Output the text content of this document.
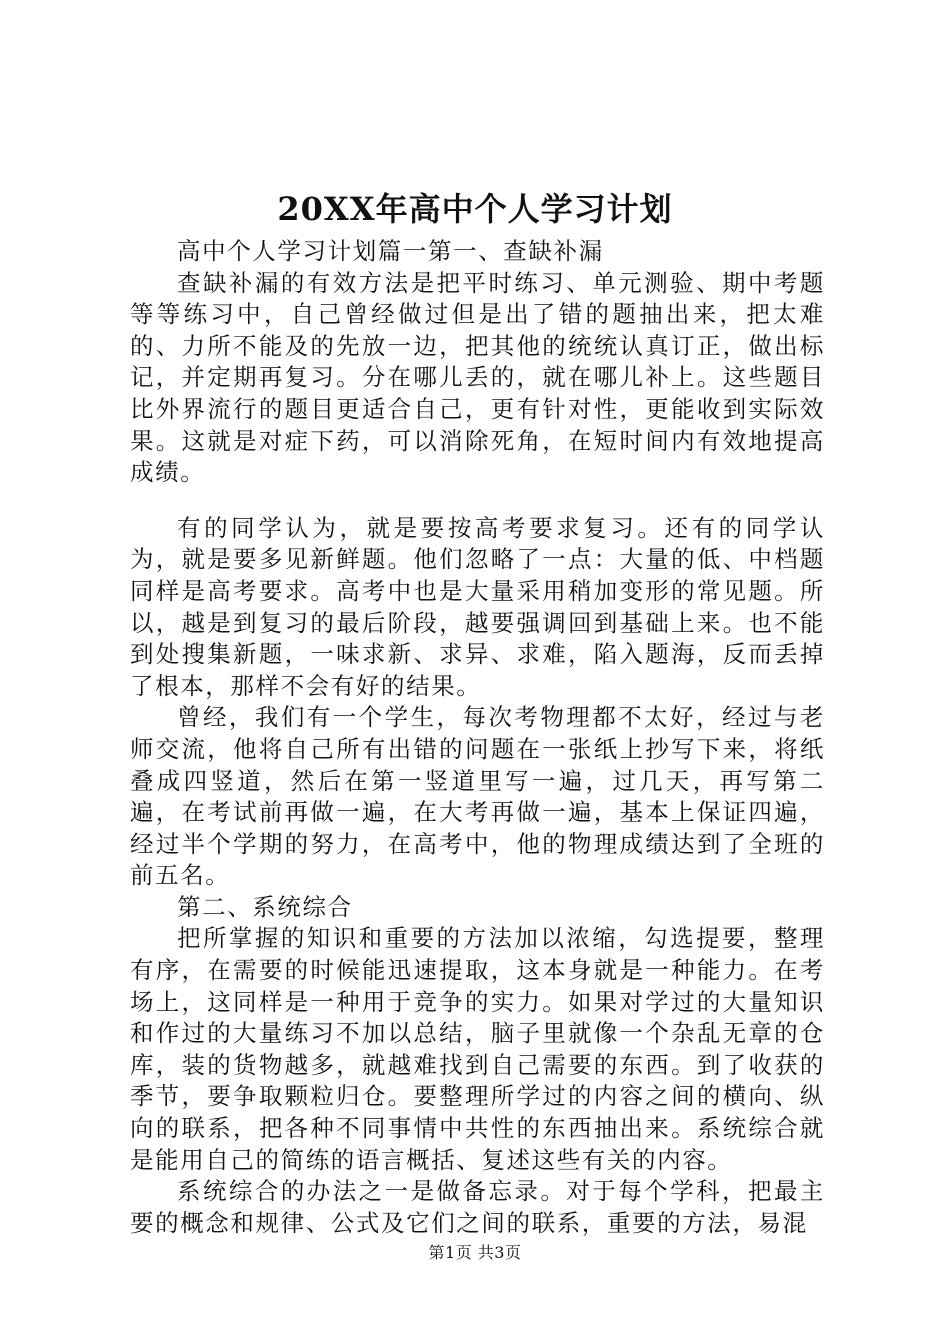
20XX年高中个人学习计划

高中个人学习计划篇一第一、查缺补漏

查缺补漏的有效方法是把平时练习、单元测验、期中考题等等练习中，自己曾经做过但是出了错的题抽出来，把太难的、力所不能及的先放一边，把其他的统统认真订正，做出标记，并定期再复习。分在哪儿丢的，就在哪儿补上。这些题目比外界流行的题目更适合自己，更有针对性，更能收到实际效果。这就是对症下药，可以消除死角，在短时间内有效地提高成绩。

有的同学认为，就是要按高考要求复习。还有的同学认为，就是要多见新鲜题。他们忽略了一点：大量的低、中档题同样是高考要求。高考中也是大量采用稍加变形的常见题。所以，越是到复习的最后阶段，越要强调回到基础上来。也不能到处搜集新题，一味求新、求异、求难，陷入题海，反而丢掉了根本，那样不会有好的结果。

曾经，我们有一个学生，每次考物理都不太好，经过与老师交流，他将自己所有出错的问题在一张纸上抄写下来，将纸叠成四竖道，然后在第一竖道里写一遍，过几天，再写第二遍，在考试前再做一遍，在大考再做一遍，基本上保证四遍，经过半个学期的努力，在高考中，他的物理成绩达到了全班的前五名。

第二、系统综合

把所掌握的知识和重要的方法加以浓缩，勾选提要，整理有序，在需要的时候能迅速提取，这本身就是一种能力。在考场上，这同样是一种用于竞争的实力。如果对学过的大量知识和作过的大量练习不加以总结，脑子里就像一个杂乱无章的仓库，装的货物越多，就越难找到自己需要的东西。到了收获的季节，要争取颗粒归仓。要整理所学过的内容之间的横向、纵向的联系，把各种不同事情中共性的东西抽出来。系统综合就是能用自己的简练的语言概括、复述这些有关的内容。

系统综合的办法之一是做备忘录。对于每个学科，把最主要的概念和规律、公式及它们之间的联系，重要的方法，易混

第1页 共3页
